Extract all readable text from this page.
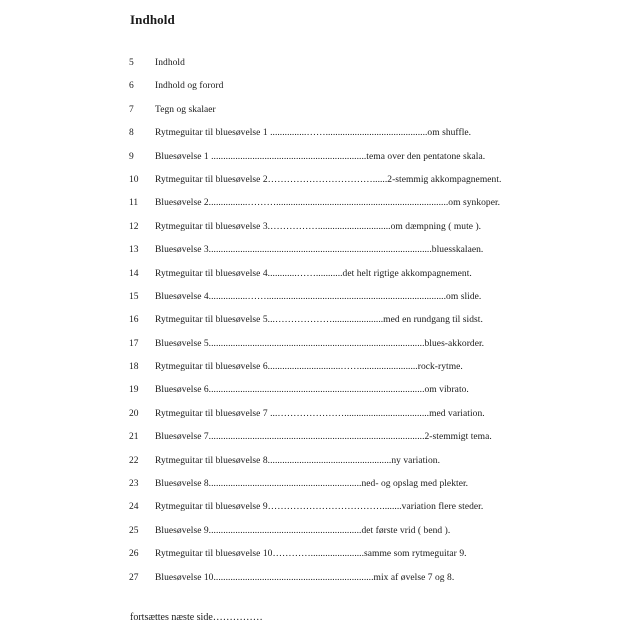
Indhold
5	Indhold
6	Indhold og forord
7	Tegn og skalaer
8	Rytmeguitar til bluesøvelse 1 ...............……..........................................om shuffle.
9	Bluesøvelse 1 ................................................................tema over den pentatone skala.
10	Rytmeguitar til bluesøvelse 2……………………………......2-stemmig akkompagnement.
11	Bluesøvelse 2................……….......................................................................om synkoper.
12	Rytmeguitar til bluesøvelse 3.……………..............................om dæmpning ( mute ).
13	Bluesøvelse 3............................................................................................bluesskalaen.
14	Rytmeguitar til bluesøvelse 4............……...........det helt rigtige akkompagnement.
15	Bluesøvelse 4................……..........................................................................om slide.
16	Rytmeguitar til bluesøvelse 5...……………….....................med en rundgang til sidst.
17	Bluesøvelse 5.........................................................................................blues-akkorder.
18	Rytmeguitar til bluesøvelse 6..............................……........................rock-rytme.
19	Bluesøvelse 6.........................................................................................om vibrato.
20	Rytmeguitar til bluesøvelse 7 ...…………………...................................med variation.
21	Bluesøvelse 7.........................................................................................2-stemmigt tema.
22	Rytmeguitar til bluesøvelse 8...................................................ny variation.
23	Bluesøvelse 8...............................................................ned- og opslag med plekter.
24	Rytmeguitar til bluesøvelse 9………………………………........variation flere steder.
25	Bluesøvelse 9...............................................................det første vrid ( bend ).
26	Rytmeguitar til bluesøvelse 10…………......................samme som rytmeguitar 9.
27	Bluesøvelse 10..................................................................mix af øvelse 7 og 8.
fortsættes næste side……………
